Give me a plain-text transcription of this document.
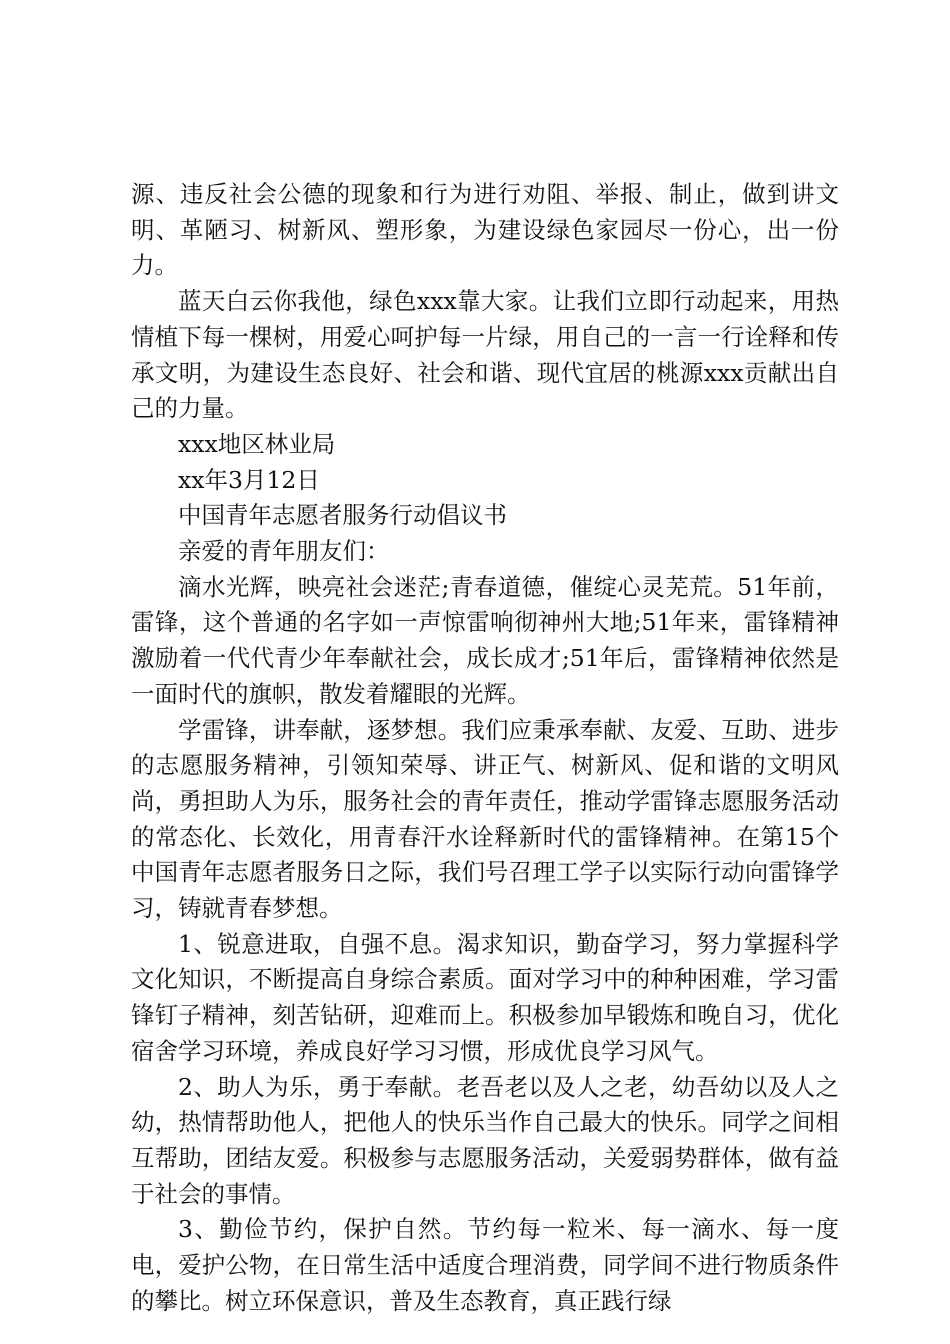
源、违反社会公德的现象和行为进行劝阻、举报、制止，做到讲文明、革陋习、树新风、塑形象，为建设绿色家园尽一份心，出一份力。

蓝天白云你我他，绿色xxx靠大家。让我们立即行动起来，用热情植下每一棵树，用爱心呵护每一片绿，用自己的一言一行诠释和传承文明，为建设生态良好、社会和谐、现代宜居的桃源xxx贡献出自己的力量。

xxx地区林业局

xx年3月12日

中国青年志愿者服务行动倡议书

亲爱的青年朋友们：

滴水光辉，映亮社会迷茫;青春道德，催绽心灵芜荒。51年前，雷锋，这个普通的名字如一声惊雷响彻神州大地;51年来，雷锋精神激励着一代代青少年奉献社会，成长成才;51年后，雷锋精神依然是一面时代的旗帜，散发着耀眼的光辉。

学雷锋，讲奉献，逐梦想。我们应秉承奉献、友爱、互助、进步的志愿服务精神，引领知荣辱、讲正气、树新风、促和谐的文明风尚，勇担助人为乐，服务社会的青年责任，推动学雷锋志愿服务活动的常态化、长效化，用青春汗水诠释新时代的雷锋精神。在第15个中国青年志愿者服务日之际，我们号召理工学子以实际行动向雷锋学习，铸就青春梦想。

1、锐意进取，自强不息。渴求知识，勤奋学习，努力掌握科学文化知识，不断提高自身综合素质。面对学习中的种种困难，学习雷锋钉子精神，刻苦钻研，迎难而上。积极参加早锻炼和晚自习，优化宿舍学习环境，养成良好学习习惯，形成优良学习风气。

2、助人为乐，勇于奉献。老吾老以及人之老，幼吾幼以及人之幼，热情帮助他人，把他人的快乐当作自己最大的快乐。同学之间相互帮助，团结友爱。积极参与志愿服务活动，关爱弱势群体，做有益于社会的事情。

3、勤俭节约，保护自然。节约每一粒米、每一滴水、每一度电，爱护公物，在日常生活中适度合理消费，同学间不进行物质条件的攀比。树立环保意识，普及生态教育，真正践行绿
